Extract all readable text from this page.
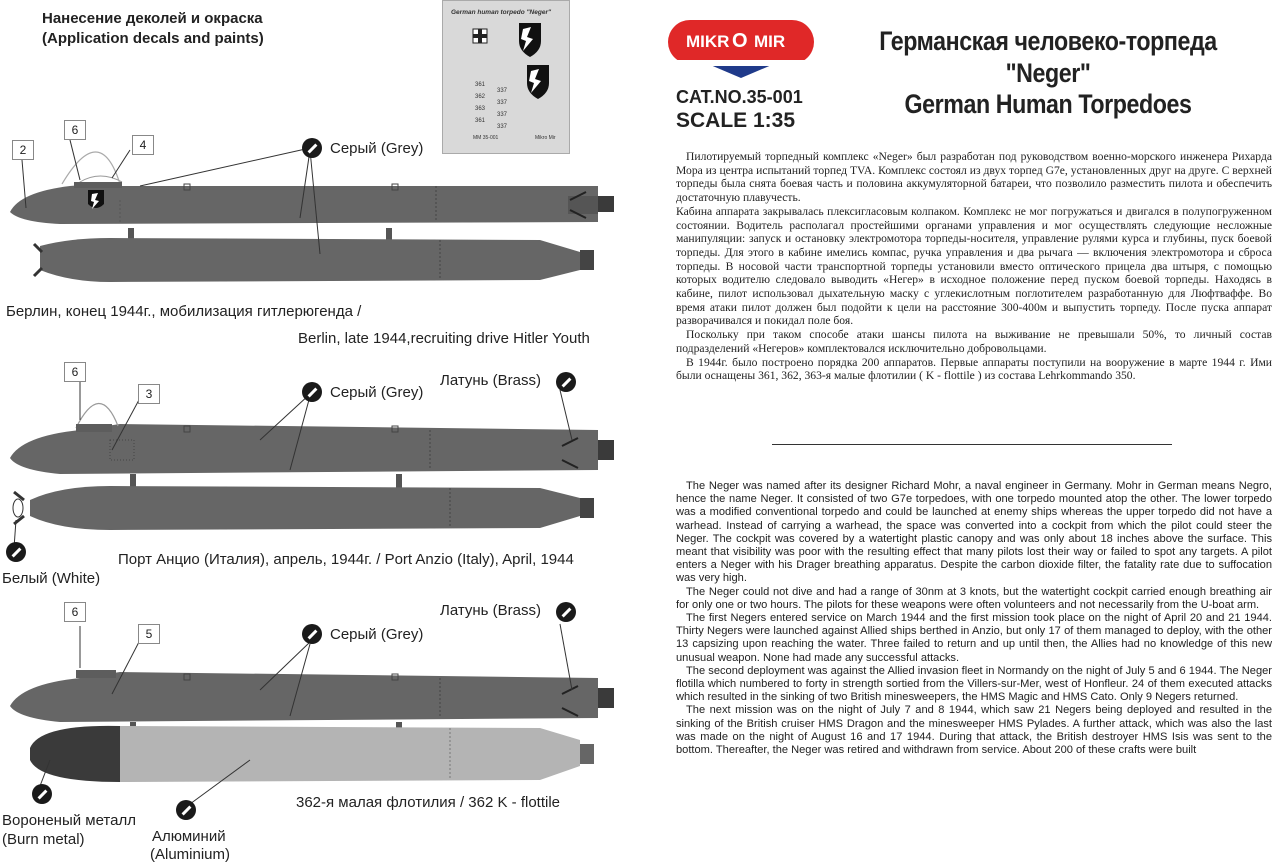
Нанесение деколей и окраска
(Application decals and paints)
German human torpedo "Neger"
361
362
363
361
337
337
337
337
MM 35-001	Mikro Mir
2
6
4
6
3
6
5
Серый (Grey)
Серый (Grey)
Латунь (Brass)
Белый (White)
Серый (Grey)
Латунь (Brass)
Вороненый металл
(Burn metal)	Алюминий
(Aluminium)
Берлин, конец 1944г., мобилизация гитлерюгенда /
Berlin, late 1944,recruiting drive Hitler Youth
Порт Анцио (Италия), апрель, 1944г. / Port Anzio (Italy), April, 1944
362-я малая флотилия / 362 K - flottile
MIKR O MIR
CAT.NO.35-001
SCALE 1:35
Германская человеко-торпеда
"Neger"
German Human Torpedoes

Пилотируемый торпедный комплекс «Neger» был разработан под руководством военно-морского инженера Рихарда Мора из центра испытаний торпед TVA. Комплекс состоял из двух торпед G7e, установленных друг на друге. С верхней торпеды была снята боевая часть и половина аккумуляторной батареи, что позволило разместить пилота и обеспечить достаточную плавучесть.

Кабина аппарата закрывалась плексигласовым колпаком. Комплекс не мог погружаться и двигался в полупогруженном состоянии. Водитель располагал простейшими органами управления и мог осуществлять следующие несложные манипуляции: запуск и остановку электромотора торпеды-носителя, управление рулями курса и глубины, пуск боевой торпеды. Для этого в кабине имелись компас, ручка управления и два рычага — включения электромотора и сброса торпеды. В носовой части транспортной торпеды установили вместо оптического прицела два штыря, с помощью которых водителю следовало выводить «Негер» в исходное положение перед пуском боевой торпеды. Находясь в кабине, пилот использовал дыхательную маску с углекислотным поглотителем разработанную для Люфтваффе. Во время атаки пилот должен был подойти к цели на расстояние 300-400м и выпустить торпеду. После пуска аппарат разворачивался и покидал поле боя.

Поскольку при таком способе атаки шансы пилота на выживание не превышали 50%, то личный состав подразделений «Негеров» комплектовался исключительно добровольцами.

В 1944г. было построено порядка 200 аппаратов. Первые аппараты поступили на вооружение в марте 1944 г. Ими были оснащены 361, 362, 363-я малые флотилии ( K - flottile ) из состава Lehrkommando 350.

The Neger was named after its designer Richard Mohr, a naval engineer in Germany. Mohr in German means Negro, hence the name Neger. It consisted of two G7e torpedoes, with one torpedo mounted atop the other. The lower torpedo was a modified conventional torpedo and could be launched at enemy ships whereas the upper torpedo did not have a warhead. Instead of carrying a warhead, the space was converted into a cockpit from which the pilot could steer the Neger. The cockpit was covered by a watertight plastic canopy and was only about 18 inches above the surface. This meant that visibility was poor with the resulting effect that many pilots lost their way or failed to spot any targets. A pilot enters a Neger with his Drager breathing apparatus. Despite the carbon dioxide filter, the fatality rate due to suffocation was very high.

The Neger could not dive and had a range of 30nm at 3 knots, but the watertight cockpit carried enough breathing air for only one or two hours. The pilots for these weapons were often volunteers and not necessarily from the U-boat arm.

The first Negers entered service on March 1944 and the first mission took place on the night of April 20 and 21 1944. Thirty Negers were launched against Allied ships berthed in Anzio, but only 17 of them managed to deploy, with the other 13 capsizing upon reaching the water. Three failed to return and up until then, the Allies had no knowledge of this new unusual weapon. None had made any successful attacks.

The second deployment was against the Allied invasion fleet in Normandy on the night of July 5 and 6 1944. The Neger flotilla which numbered to forty in strength sortied from the Villers-sur-Mer, west of Honfleur. 24 of them executed attacks which resulted in the sinking of two British minesweepers, the HMS Magic and HMS Cato. Only 9 Negers returned.

The next mission was on the night of July 7 and 8 1944, which saw 21 Negers being deployed and resulted in the sinking of the British cruiser HMS Dragon and the minesweeper HMS Pylades. A further attack, which was also the last was made on the night of August 16 and 17 1944. During that attack, the British destroyer HMS Isis was sent to the bottom. Thereafter, the Neger was retired and withdrawn from service. About 200 of these crafts were built
